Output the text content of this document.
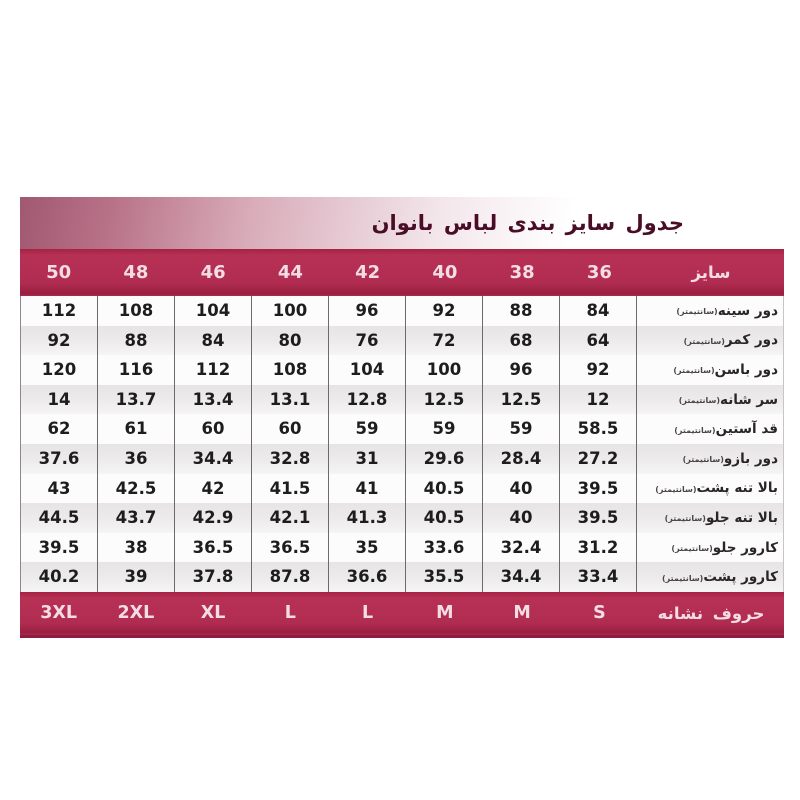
جدول سایز بندی لباس بانوان
50	48	46	44	42	40	38	36	سایز
112	108	104	100	96	92	88	84	دور سینه
(سانتیمتر)
92	88	84	80	76	72	68	64	دور کمر
(سانتیمتر)
120	116	112	108	104	100	96	92	دور باسن
(سانتیمتر)
14	13.7	13.4	13.1	12.8	12.5	12.5	12	سر شانه
(سانتیمتر)
62	61	60	60	59	59	59	58.5	قد آستین
(سانتیمتر)
37.6	36	34.4	32.8	31	29.6	28.4	27.2	دور بازو
(سانتیمتر)
43	42.5	42	41.5	41	40.5	40	39.5	بالا تنه پشت
(سانتیمتر)
44.5	43.7	42.9	42.1	41.3	40.5	40	39.5	بالا تنه جلو
(سانتیمتر)
39.5	38	36.5	36.5	35	33.6	32.4	31.2	کارور جلو
(سانتیمتر)
40.2	39	37.8	87.8	36.6	35.5	34.4	33.4	کارور پشت
(سانتیمتر)
3XL	2XL	XL	L	L	M	M	S	حروف نشانه
